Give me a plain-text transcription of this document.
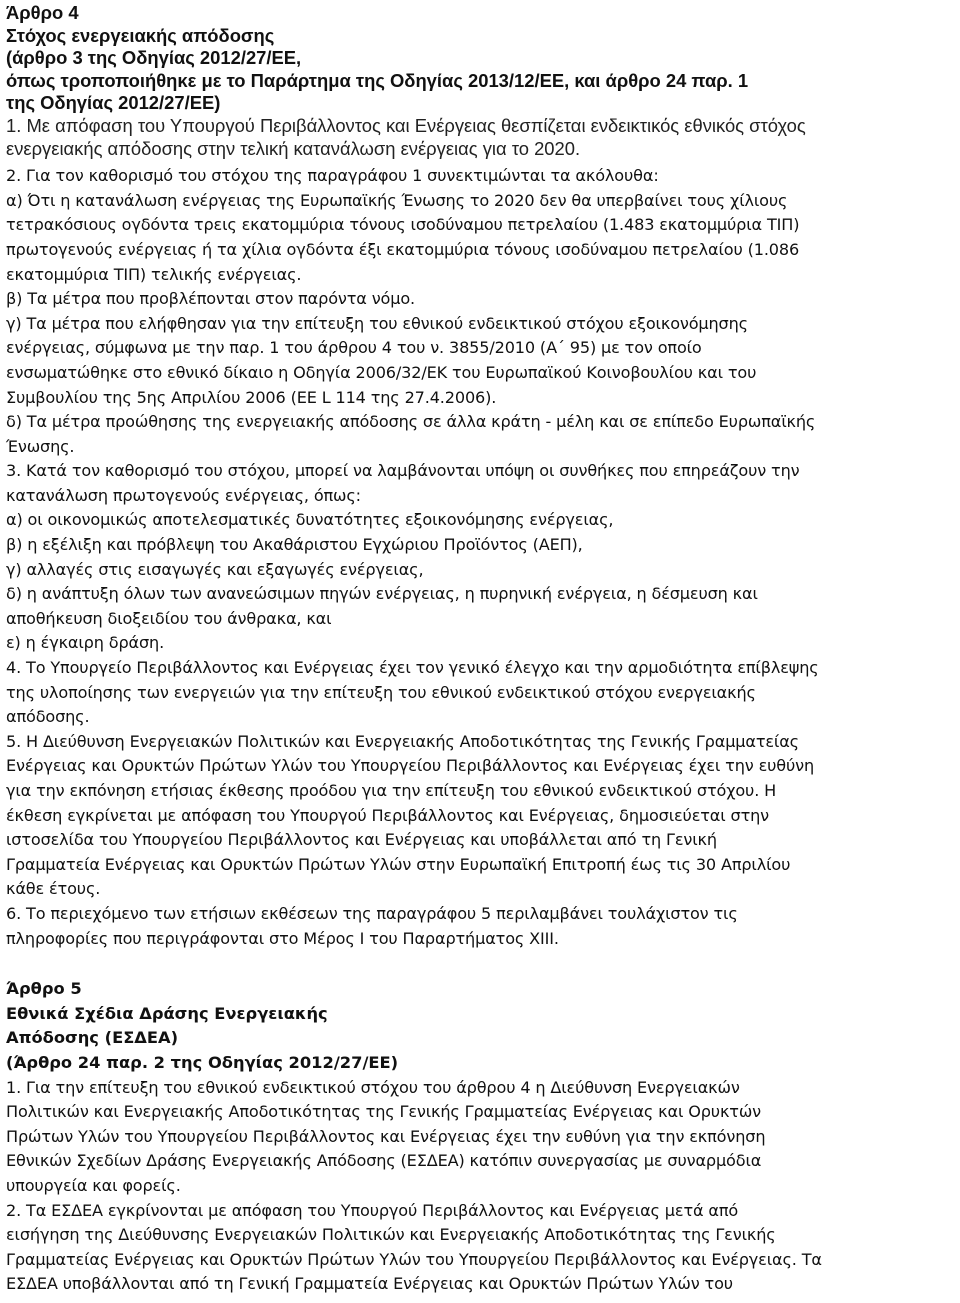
Άρθρο 4
Στόχος ενεργειακής απόδοσης
(άρθρο 3 της Οδηγίας 2012/27/ΕΕ,
όπως τροποποιήθηκε με το Παράρτημα της Οδηγίας 2013/12/ΕΕ, και άρθρο 24 παρ. 1
της Οδηγίας 2012/27/ΕΕ)
1. Με απόφαση του Υπουργού Περιβάλλοντος και Ενέργειας θεσπίζεται ενδεικτικός εθνικός στόχος
ενεργειακής απόδοσης στην τελική κατανάλωση ενέργειας για το 2020.
2. Για τον καθορισμό του στόχου της παραγράφου 1 συνεκτιμώνται τα ακόλουθα:
α) Ότι η κατανάλωση ενέργειας της Ευρωπαϊκής Ένωσης το 2020 δεν θα υπερβαίνει τους χίλιους
τετρακόσιους ογδόντα τρεις εκατομμύρια τόνους ισοδύναμου πετρελαίου (1.483 εκατομμύρια ΤΙΠ)
πρωτογενούς ενέργειας ή τα χίλια ογδόντα έξι εκατομμύρια τόνους ισοδύναμου πετρελαίου (1.086
εκατομμύρια ΤΙΠ) τελικής ενέργειας.
β) Τα μέτρα που προβλέπονται στον παρόντα νόμο.
γ) Τα μέτρα που ελήφθησαν για την επίτευξη του εθνικού ενδεικτικού στόχου εξοικονόμησης
ενέργειας, σύμφωνα με την παρ. 1 του άρθρου 4 του ν. 3855/2010 (Α΄ 95) με τον οποίο
ενσωματώθηκε στο εθνικό δίκαιο η Οδηγία 2006/32/ΕΚ του Ευρωπαϊκού Κοινοβουλίου και του
Συμβουλίου της 5ης Απριλίου 2006 (ΕΕ L 114 της 27.4.2006).
δ) Τα μέτρα προώθησης της ενεργειακής απόδοσης σε άλλα κράτη - μέλη και σε επίπεδο Ευρωπαϊκής
Ένωσης.
3. Κατά τον καθορισμό του στόχου, μπορεί να λαμβάνονται υπόψη οι συνθήκες που επηρεάζουν την
κατανάλωση πρωτογενούς ενέργειας, όπως:
α) οι οικονομικώς αποτελεσματικές δυνατότητες εξοικονόμησης ενέργειας,
β) η εξέλιξη και πρόβλεψη του Ακαθάριστου Εγχώριου Προϊόντος (ΑΕΠ),
γ) αλλαγές στις εισαγωγές και εξαγωγές ενέργειας,
δ) η ανάπτυξη όλων των ανανεώσιμων πηγών ενέργειας, η πυρηνική ενέργεια, η δέσμευση και
αποθήκευση διοξειδίου του άνθρακα, και
ε) η έγκαιρη δράση.
4. Το Υπουργείο Περιβάλλοντος και Ενέργειας έχει τον γενικό έλεγχο και την αρμοδιότητα επίβλεψης
της υλοποίησης των ενεργειών για την επίτευξη του εθνικού ενδεικτικού στόχου ενεργειακής
απόδοσης.
5. Η Διεύθυνση Ενεργειακών Πολιτικών και Ενεργειακής Αποδοτικότητας της Γενικής Γραμματείας
Ενέργειας και Ορυκτών Πρώτων Υλών του Υπουργείου Περιβάλλοντος και Ενέργειας έχει την ευθύνη
για την εκπόνηση ετήσιας έκθεσης προόδου για την επίτευξη του εθνικού ενδεικτικού στόχου. Η
έκθεση εγκρίνεται με απόφαση του Υπουργού Περιβάλλοντος και Ενέργειας, δημοσιεύεται στην
ιστοσελίδα του Υπουργείου Περιβάλλοντος και Ενέργειας και υποβάλλεται από τη Γενική
Γραμματεία Ενέργειας και Ορυκτών Πρώτων Υλών στην Ευρωπαϊκή Επιτροπή έως τις 30 Απριλίου
κάθε έτους.
6. Το περιεχόμενο των ετήσιων εκθέσεων της παραγράφου 5 περιλαμβάνει τουλάχιστον τις
πληροφορίες που περιγράφονται στο Μέρος Ι του Παραρτήματος ΧΙΙΙ.
Άρθρο 5
Εθνικά Σχέδια Δράσης Ενεργειακής
Απόδοσης (ΕΣΔΕΑ)
(Άρθρο 24 παρ. 2 της Οδηγίας 2012/27/ΕΕ)
1. Για την επίτευξη του εθνικού ενδεικτικού στόχου του άρθρου 4 η Διεύθυνση Ενεργειακών
Πολιτικών και Ενεργειακής Αποδοτικότητας της Γενικής Γραμματείας Ενέργειας και Ορυκτών
Πρώτων Υλών του Υπουργείου Περιβάλλοντος και Ενέργειας έχει την ευθύνη για την εκπόνηση
Εθνικών Σχεδίων Δράσης Ενεργειακής Απόδοσης (ΕΣΔΕΑ) κατόπιν συνεργασίας με συναρμόδια
υπουργεία και φορείς.
2. Τα ΕΣΔΕΑ εγκρίνονται με απόφαση του Υπουργού Περιβάλλοντος και Ενέργειας μετά από
εισήγηση της Διεύθυνσης Ενεργειακών Πολιτικών και Ενεργειακής Αποδοτικότητας της Γενικής
Γραμματείας Ενέργειας και Ορυκτών Πρώτων Υλών του Υπουργείου Περιβάλλοντος και Ενέργειας. Τα
ΕΣΔΕΑ υποβάλλονται από τη Γενική Γραμματεία Ενέργειας και Ορυκτών Πρώτων Υλών του
